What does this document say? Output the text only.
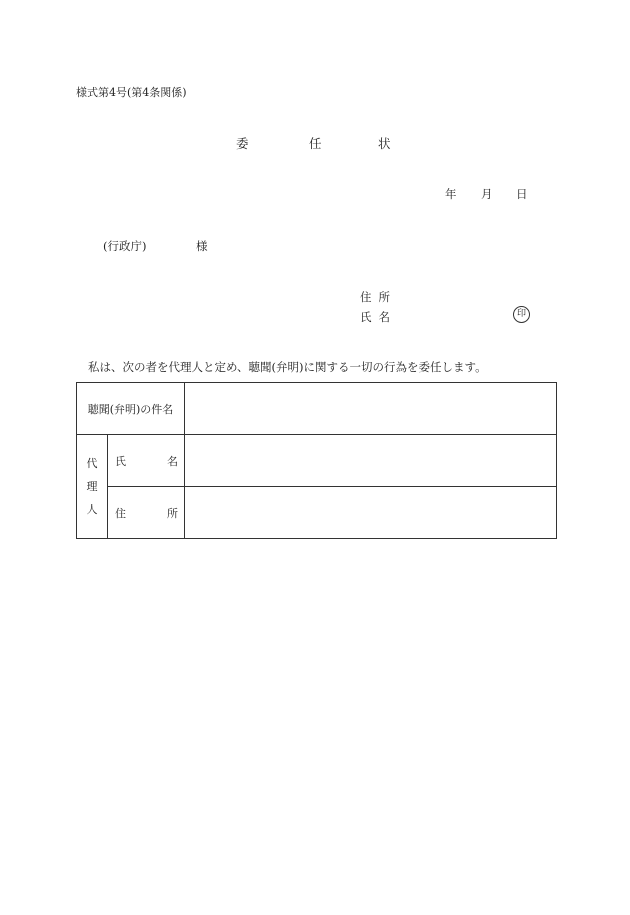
様式第4号(第4条関係)
委	任	状
年 月 日
(行政庁)	様
住所
氏名	印
私は、次の者を代理人と定め、聴聞(弁明)に関する一切の行為を委任します。
聴聞(弁明)の件名		

代
理
人	氏 名	

	住 所	
